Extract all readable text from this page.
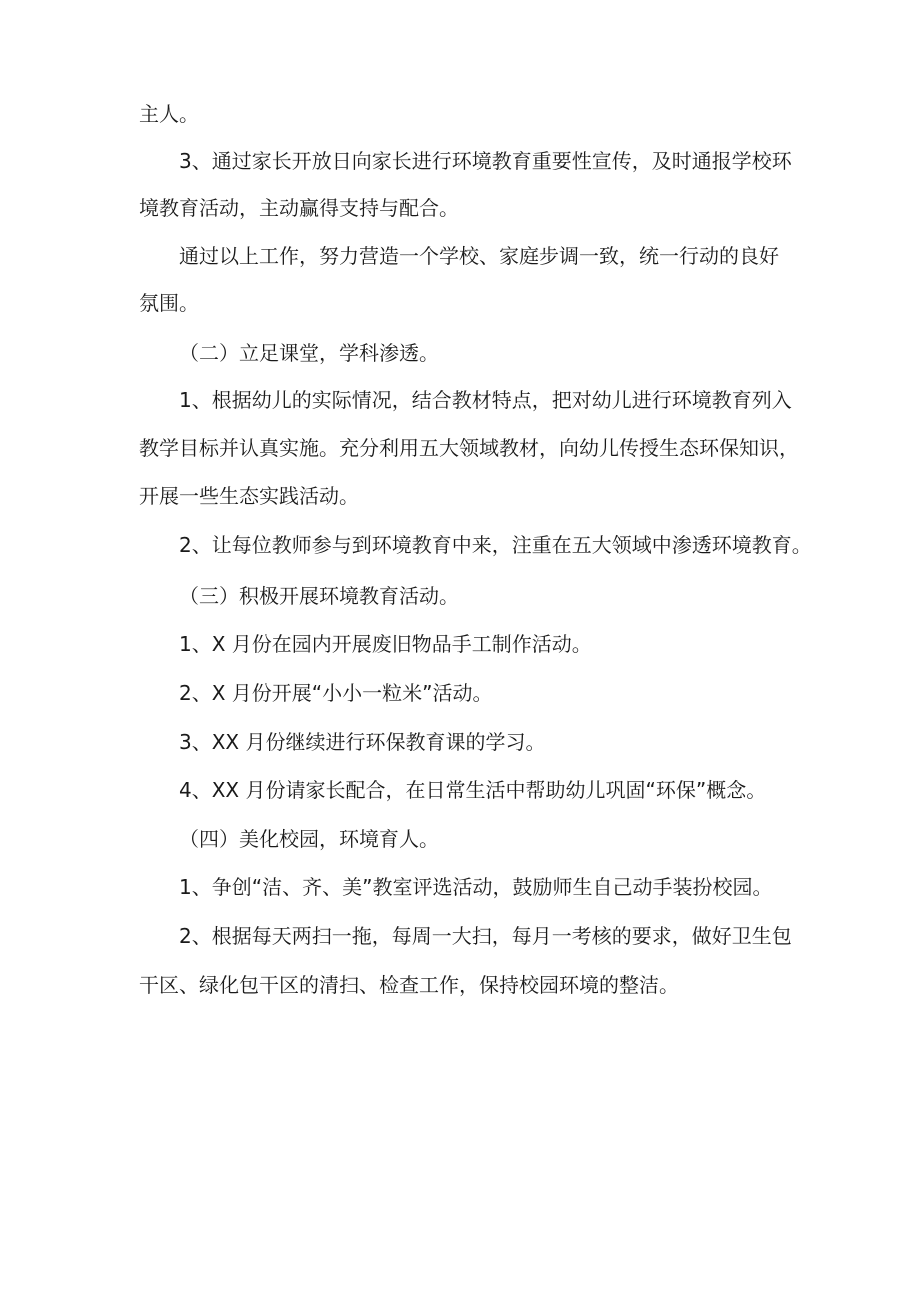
主人。
3、通过家长开放日向家长进行环境教育重要性宣传，及时通报学校环
境教育活动，主动赢得支持与配合。
通过以上工作，努力营造一个学校、家庭步调一致，统一行动的良好
氛围。
（二）立足课堂，学科渗透。
1、根据幼儿的实际情况，结合教材特点，把对幼儿进行环境教育列入
教学目标并认真实施。充分利用五大领域教材，向幼儿传授生态环保知识，
开展一些生态实践活动。
2、让每位教师参与到环境教育中来，注重在五大领域中渗透环境教育。
（三）积极开展环境教育活动。
1、X 月份在园内开展废旧物品手工制作活动。
2、X 月份开展“小小一粒米”活动。
3、XX 月份继续进行环保教育课的学习。
4、XX 月份请家长配合，在日常生活中帮助幼儿巩固“环保”概念。
（四）美化校园，环境育人。
1、争创“洁、齐、美”教室评选活动，鼓励师生自己动手装扮校园。
2、根据每天两扫一拖，每周一大扫，每月一考核的要求，做好卫生包
干区、绿化包干区的清扫、检查工作，保持校园环境的整洁。
